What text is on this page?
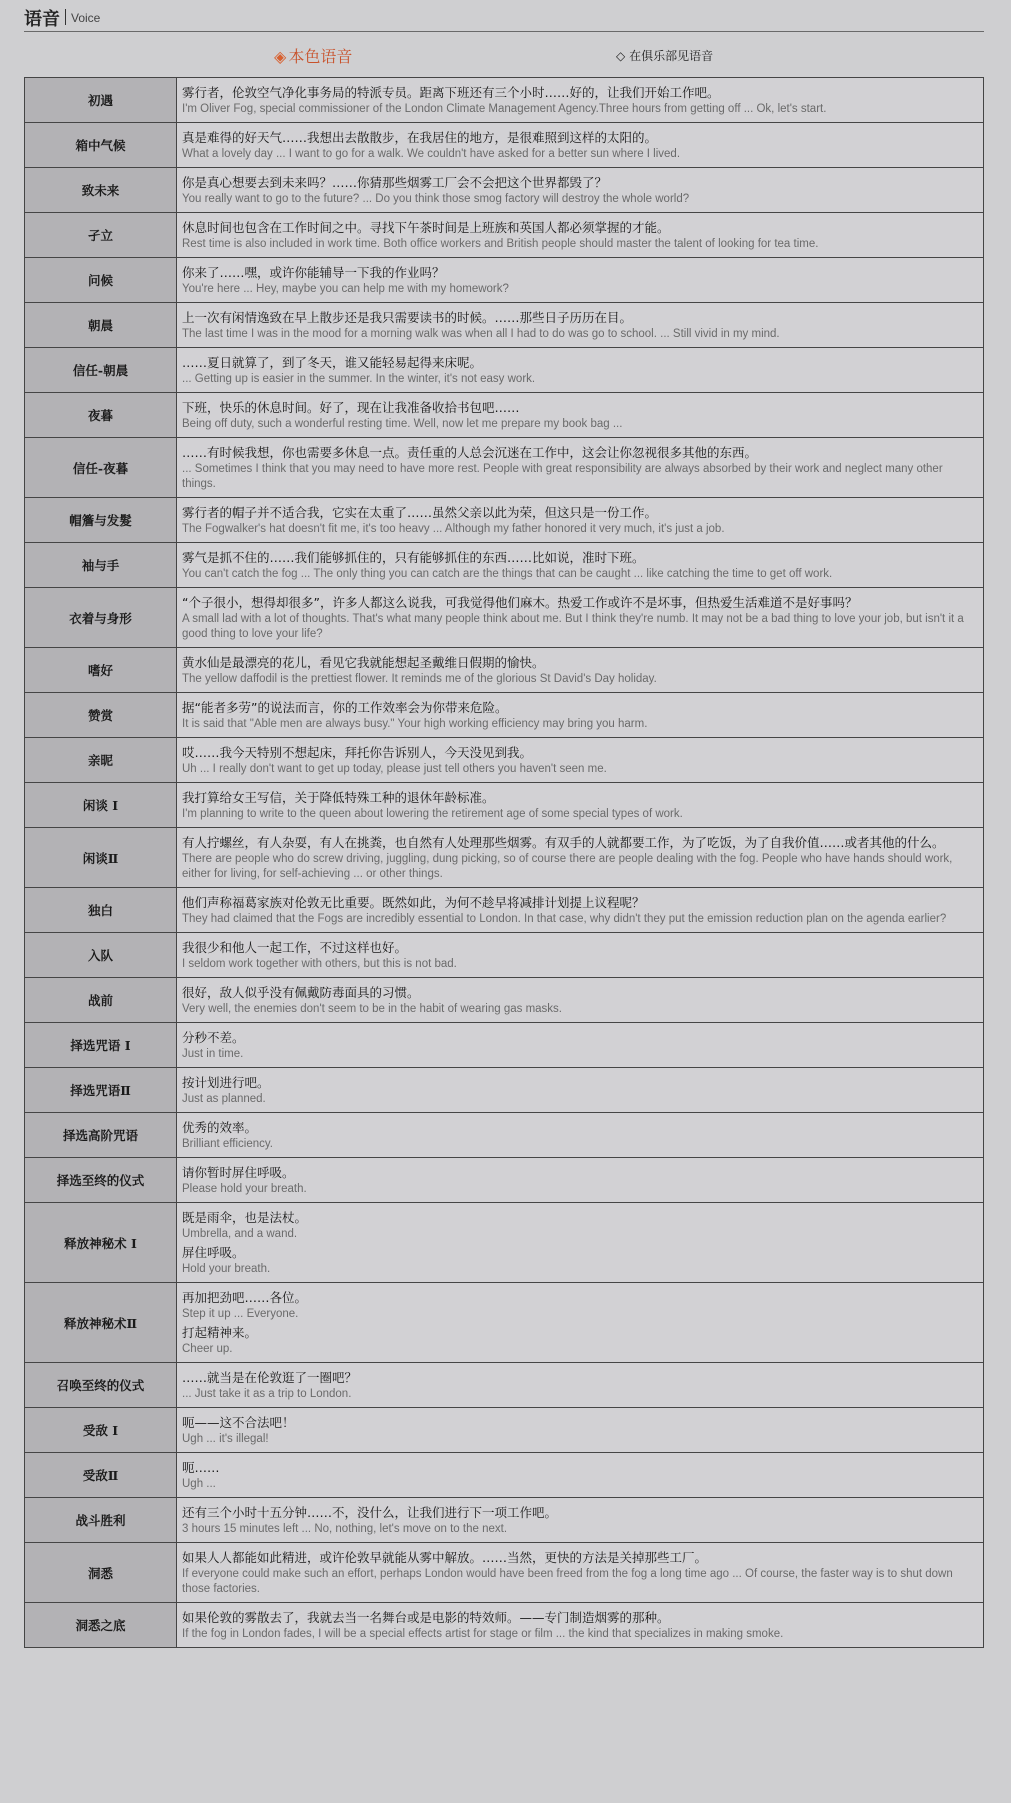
语音 Voice
◈ 本色语音	◇ 在俱乐部见语音
初遇	雾行者，伦敦空气净化事务局的特派专员。距离下班还有三个小时……好的，让我们开始工作吧。
I'm Oliver Fog, special commissioner of the London Climate Management Agency.Three hours from getting off ... Ok, let's start.

箱中气候	真是难得的好天气……我想出去散散步，在我居住的地方，是很难照到这样的太阳的。
What a lovely day ... I want to go for a walk. We couldn't have asked for a better sun where I lived.

致未来	你是真心想要去到未来吗？……你猜那些烟雾工厂会不会把这个世界都毁了？
You really want to go to the future? ... Do you think those smog factory will destroy the whole world?

孑立	休息时间也包含在工作时间之中。寻找下午茶时间是上班族和英国人都必须掌握的才能。
Rest time is also included in work time. Both office workers and British people should master the talent of looking for tea time.

问候	你来了……嘿，或许你能辅导一下我的作业吗？
You're here ... Hey, maybe you can help me with my homework?

朝晨	上一次有闲情逸致在早上散步还是我只需要读书的时候。……那些日子历历在目。
The last time I was in the mood for a morning walk was when all I had to do was go to school. ... Still vivid in my mind.

信任-朝晨	……夏日就算了，到了冬天，谁又能轻易起得来床呢。
... Getting up is easier in the summer. In the winter, it's not easy work.

夜暮	下班，快乐的休息时间。好了，现在让我准备收拾书包吧……
Being off duty, such a wonderful resting time. Well, now let me prepare my book bag ...

信任-夜暮	……有时候我想，你也需要多休息一点。责任重的人总会沉迷在工作中，这会让你忽视很多其他的东西。
... Sometimes I think that you may need to have more rest. People with great responsibility are always absorbed by their work and neglect many other things.

帽簷与发髮	雾行者的帽子并不适合我，它实在太重了……虽然父亲以此为荣，但这只是一份工作。
The Fogwalker's hat doesn't fit me, it's too heavy ... Although my father honored it very much, it's just a job.

袖与手	雾气是抓不住的……我们能够抓住的，只有能够抓住的东西……比如说，准时下班。
You can't catch the fog ... The only thing you can catch are the things that can be caught ... like catching the time to get off work.

衣着与身形	“个子很小，想得却很多”，许多人都这么说我，可我觉得他们麻木。热爱工作或许不是坏事，但热爱生活难道不是好事吗？
A small lad with a lot of thoughts. That's what many people think about me. But I think they're numb. It may not be a bad thing to love your job, but isn't it a good thing to love your life?

嗜好	黄水仙是最漂亮的花儿，看见它我就能想起圣戴维日假期的愉快。
The yellow daffodil is the prettiest flower. It reminds me of the glorious St David's Day holiday.

赞赏	据“能者多劳”的说法而言，你的工作效率会为你带来危险。
It is said that "Able men are always busy." Your high working efficiency may bring you harm.

亲昵	哎……我今天特别不想起床，拜托你告诉别人，今天没见到我。
Uh ... I really don't want to get up today, please just tell others you haven't seen me.

闲谈 I	我打算给女王写信，关于降低特殊工种的退休年龄标准。
I'm planning to write to the queen about lowering the retirement age of some special types of work.

闲谈Ⅱ	有人拧螺丝，有人杂耍，有人在挑粪，也自然有人处理那些烟雾。有双手的人就都要工作，为了吃饭，为了自我价值……或者其他的什么。
There are people who do screw driving, juggling, dung picking, so of course there are people dealing with the fog. People who have hands should work, either for living, for self-achieving ... or other things.

独白	他们声称福葛家族对伦敦无比重要。既然如此，为何不趁早将减排计划提上议程呢？
They had claimed that the Fogs are incredibly essential to London. In that case, why didn't they put the emission reduction plan on the agenda earlier?

入队	我很少和他人一起工作，不过这样也好。
I seldom work together with others, but this is not bad.

战前	很好，敌人似乎没有佩戴防毒面具的习惯。
Very well, the enemies don't seem to be in the habit of wearing gas masks.

择选咒语 I	分秒不差。
Just in time.

择选咒语Ⅱ	按计划进行吧。
Just as planned.

择选高阶咒语	优秀的效率。
Brilliant efficiency.

择选至终的仪式	请你暂时屏住呼吸。
Please hold your breath.

释放神秘术 I	既是雨伞，也是法杖。
Umbrella, and a wand.
屏住呼吸。
Hold your breath.

释放神秘术Ⅱ	再加把劲吧……各位。
Step it up ... Everyone.
打起精神来。
Cheer up.

召唤至终的仪式	……就当是在伦敦逛了一圈吧？
... Just take it as a trip to London.

受敌 I	呃——这不合法吧！
Ugh ... it's illegal!

受敌Ⅱ	呃……
Ugh ...

战斗胜利	还有三个小时十五分钟……不，没什么，让我们进行下一项工作吧。
3 hours 15 minutes left ... No, nothing, let's move on to the next.

洞悉	如果人人都能如此精进，或许伦敦早就能从雾中解放。……当然，更快的方法是关掉那些工厂。
If everyone could make such an effort, perhaps London would have been freed from the fog a long time ago ... Of course, the faster way is to shut down those factories.

洞悉之底	如果伦敦的雾散去了，我就去当一名舞台或是电影的特效师。——专门制造烟雾的那种。
If the fog in London fades, I will be a special effects artist for stage or film ... the kind that specializes in making smoke.
